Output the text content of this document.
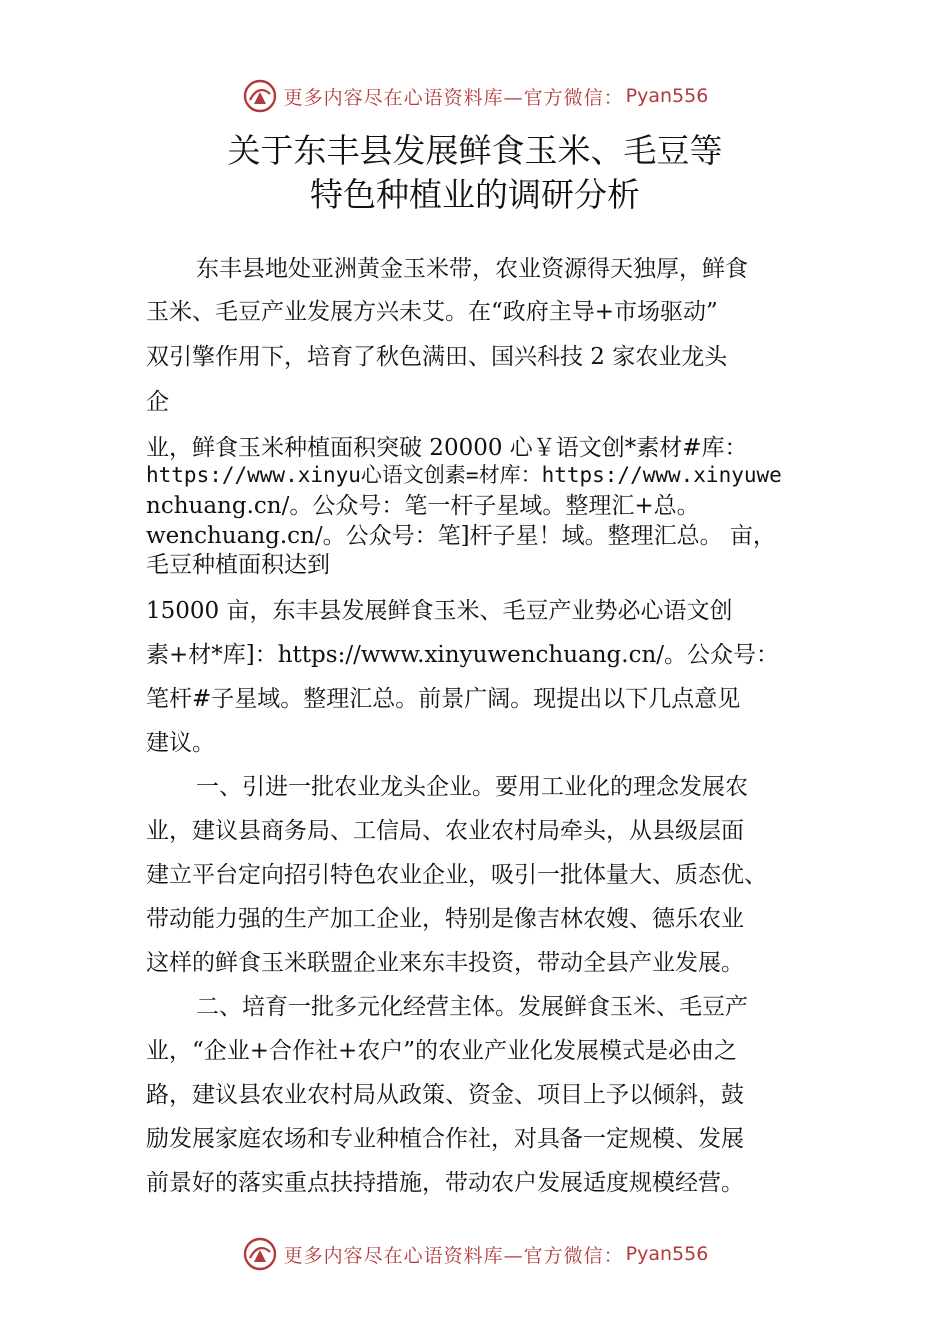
更多内容尽在心语资料库—官方微信： Pyan556
关于东丰县发展鲜食玉米、毛豆等
特色种植业的调研分析
东丰县地处亚洲黄金玉米带，农业资源得天独厚，鲜食
玉米、毛豆产业发展方兴未艾。在“政府主导+市场驱动”
双引擎作用下，培育了秋色满田、国兴科技 2 家农业龙头
企
业，鲜食玉米种植面积突破 20000 心￥语文创*素材#库：
https://www.xinyu心语文创素=材库：https://www.xinyuwe
nchuang.cn/。公众号：笔一杆子星域。整理汇+总。
wenchuang.cn/。公众号：笔]杆子星！域。整理汇总。 亩，
毛豆种植面积达到
15000 亩，东丰县发展鲜食玉米、毛豆产业势必心语文创
素+材*库]：https://www.xinyuwenchuang.cn/。公众号：
笔杆#子星域。整理汇总。前景广阔。现提出以下几点意见
建议。
一、引进一批农业龙头企业。要用工业化的理念发展农
业，建议县商务局、工信局、农业农村局牵头，从县级层面
建立平台定向招引特色农业企业，吸引一批体量大、质态优、
带动能力强的生产加工企业，特别是像吉林农嫂、德乐农业
这样的鲜食玉米联盟企业来东丰投资，带动全县产业发展。
二、培育一批多元化经营主体。发展鲜食玉米、毛豆产
业，“企业+合作社+农户”的农业产业化发展模式是必由之
路，建议县农业农村局从政策、资金、项目上予以倾斜，鼓
励发展家庭农场和专业种植合作社，对具备一定规模、发展
前景好的落实重点扶持措施，带动农户发展适度规模经营。
更多内容尽在心语资料库—官方微信： Pyan556
